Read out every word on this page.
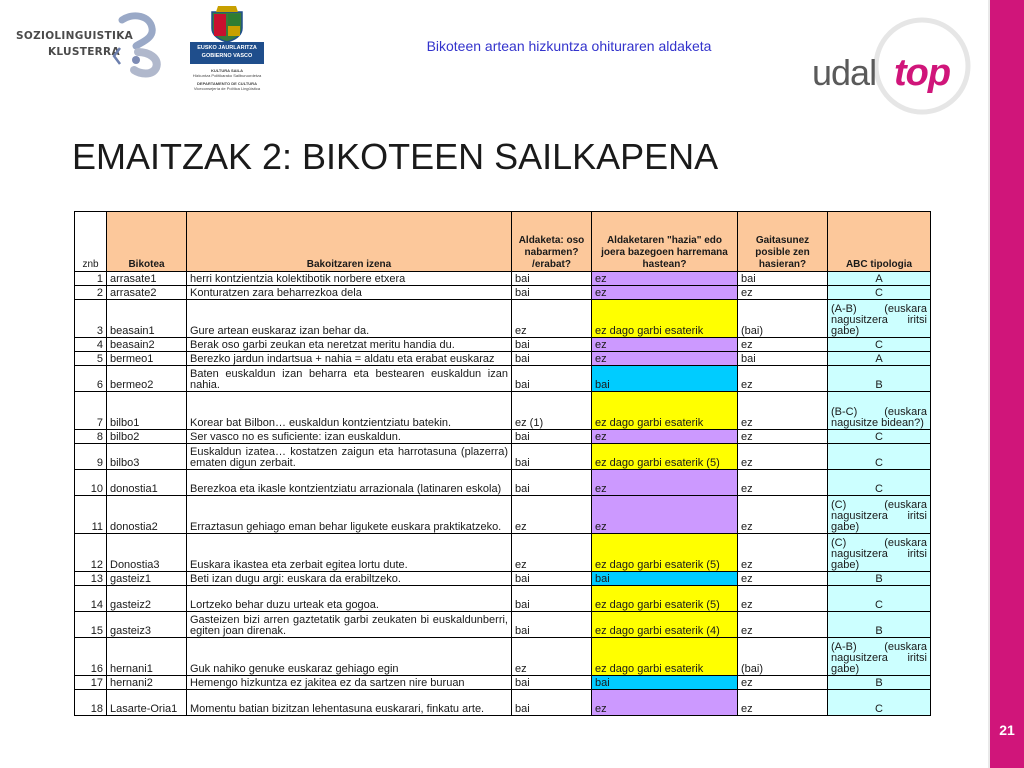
21
SOZIOLINGUISTIKA
KLUSTERRA	EUSKO JAURLARITZA
GOBIERNO VASCO
KULTURA SAILA
Hizkuntza Politikarako Sailburuordetza
DEPARTAMENTO DE CULTURA
Viceconsejería de Política Lingüística
Bikoteen artean hizkuntza ohituraren aldaketa
udal top
EMAITZAK 2: BIKOTEEN SAILKAPENA
znb	Bikotea	Bakoitzaren izena	Aldaketa: oso nabarmen? /erabat?	Aldaketaren "hazia" edo joera bazegoen harremana hastean?	Gaitasunez posible zen hasieran?	ABC tipologia
1	arrasate1	herri kontzientzia kolektibotik norbere etxera	bai	ez	bai	A
2	arrasate2	Konturatzen zara beharrezkoa dela	bai	ez	ez	C
3	beasain1	Gure artean euskaraz izan behar da.	ez	ez dago garbi esaterik	(bai)	(A-B) (euskara nagusitzera iritsi gabe)
4	beasain2	Berak oso garbi zeukan eta neretzat meritu handia du.	bai	ez	ez	C
5	bermeo1	Berezko jardun indartsua + nahia = aldatu eta erabat euskaraz	bai	ez	bai	A
6	bermeo2	Baten euskaldun izan beharra eta bestearen euskaldun izan nahia.	bai	bai	ez	B
7	bilbo1	Korear bat Bilbon… euskaldun kontzientziatu batekin.	ez (1)	ez dago garbi esaterik	ez	(B-C) (euskara nagusitze bidean?)
8	bilbo2	Ser vasco no es suficiente: izan euskaldun.	bai	ez	ez	C
9	bilbo3	Euskaldun izatea… kostatzen zaigun eta harrotasuna (plazerra) ematen digun zerbait.	bai	ez dago garbi esaterik (5)	ez	C
10	donostia1	Berezkoa eta ikasle kontzientziatu arrazionala (latinaren eskola)	bai	ez	ez	C
11	donostia2	Erraztasun gehiago eman behar ligukete euskara praktikatzeko.	ez	ez	ez	(C) (euskara nagusitzera iritsi gabe)
12	Donostia3	Euskara ikastea eta zerbait egitea lortu dute.	ez	ez dago garbi esaterik (5)	ez	(C) (euskara nagusitzera iritsi gabe)
13	gasteiz1	Beti izan dugu argi: euskara da erabiltzeko.	bai	bai	ez	B
14	gasteiz2	Lortzeko behar duzu urteak eta gogoa.	bai	ez dago garbi esaterik (5)	ez	C
15	gasteiz3	Gasteizen bizi arren gaztetatik garbi zeukaten bi euskaldunberri, egiten joan direnak.	bai	ez dago garbi esaterik (4)	ez	B
16	hernani1	Guk nahiko genuke euskaraz gehiago egin	ez	ez dago garbi esaterik	(bai)	(A-B) (euskara nagusitzera iritsi gabe)
17	hernani2	Hemengo hizkuntza ez jakitea ez da sartzen nire buruan	bai	bai	ez	B
18	Lasarte-Oria1	Momentu batian bizitzan lehentasuna euskarari, finkatu arte.	bai	ez	ez	C
